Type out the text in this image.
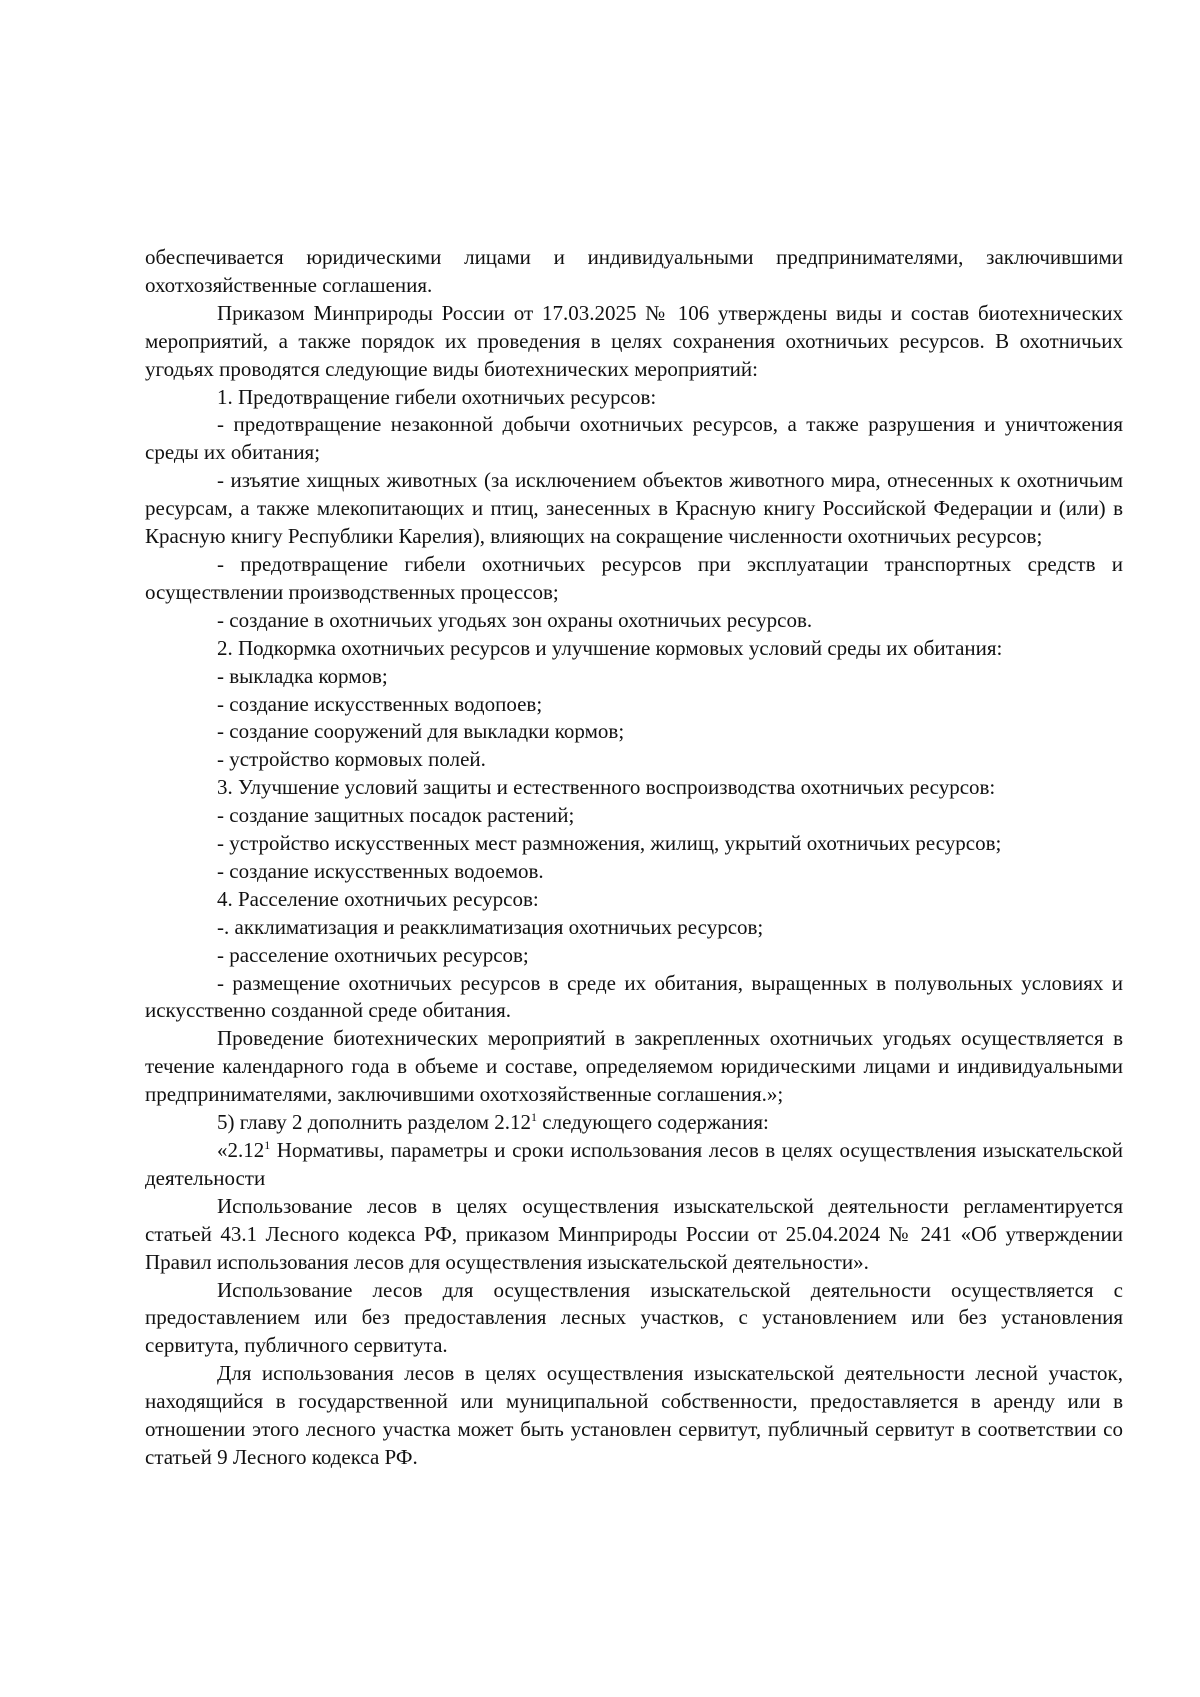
обеспечивается юридическими лицами и индивидуальными предпринимателями, заключившими охотхозяйственные соглашения.

Приказом Минприроды России от 17.03.2025 № 106 утверждены виды и состав биотехнических мероприятий, а также порядок их проведения в целях сохранения охотничьих ресурсов. В охотничьих угодьях проводятся следующие виды биотехнических мероприятий:

1. Предотвращение гибели охотничьих ресурсов:

- предотвращение незаконной добычи охотничьих ресурсов, а также разрушения и уничтожения среды их обитания;

- изъятие хищных животных (за исключением объектов животного мира, отнесенных к охотничьим ресурсам, а также млекопитающих и птиц, занесенных в Красную книгу Российской Федерации и (или) в Красную книгу Республики Карелия), влияющих на сокращение численности охотничьих ресурсов;

- предотвращение гибели охотничьих ресурсов при эксплуатации транспортных средств и осуществлении производственных процессов;

- создание в охотничьих угодьях зон охраны охотничьих ресурсов.

2. Подкормка охотничьих ресурсов и улучшение кормовых условий среды их обитания:

- выкладка кормов;

- создание искусственных водопоев;

- создание сооружений для выкладки кормов;

- устройство кормовых полей.

3. Улучшение условий защиты и естественного воспроизводства охотничьих ресурсов:

- создание защитных посадок растений;

- устройство искусственных мест размножения, жилищ, укрытий охотничьих ресурсов;

- создание искусственных водоемов.

4. Расселение охотничьих ресурсов:

-. акклиматизация и реакклиматизация охотничьих ресурсов;

- расселение охотничьих ресурсов;

- размещение охотничьих ресурсов в среде их обитания, выращенных в полувольных условиях и искусственно созданной среде обитания.

Проведение биотехнических мероприятий в закрепленных охотничьих угодьях осуществляется в течение календарного года в объеме и составе, определяемом юридическими лицами и индивидуальными предпринимателями, заключившими охотхозяйственные соглашения.»;

5) главу 2 дополнить разделом 2.12$^1$ следующего содержания:

«2.12$^1$ Нормативы, параметры и сроки использования лесов в целях осуществления изыскательской деятельности

Использование лесов в целях осуществления изыскательской деятельности регламентируется статьей 43.1 Лесного кодекса РФ, приказом Минприроды России от 25.04.2024 № 241 «Об утверждении Правил использования лесов для осуществления изыскательской деятельности».

Использование лесов для осуществления изыскательской деятельности осуществляется с предоставлением или без предоставления лесных участков, с установлением или без установления сервитута, публичного сервитута.

Для использования лесов в целях осуществления изыскательской деятельности лесной участок, находящийся в государственной или муниципальной собственности, предоставляется в аренду или в отношении этого лесного участка может быть установлен сервитут, публичный сервитут в соответствии со статьей 9 Лесного кодекса РФ.
